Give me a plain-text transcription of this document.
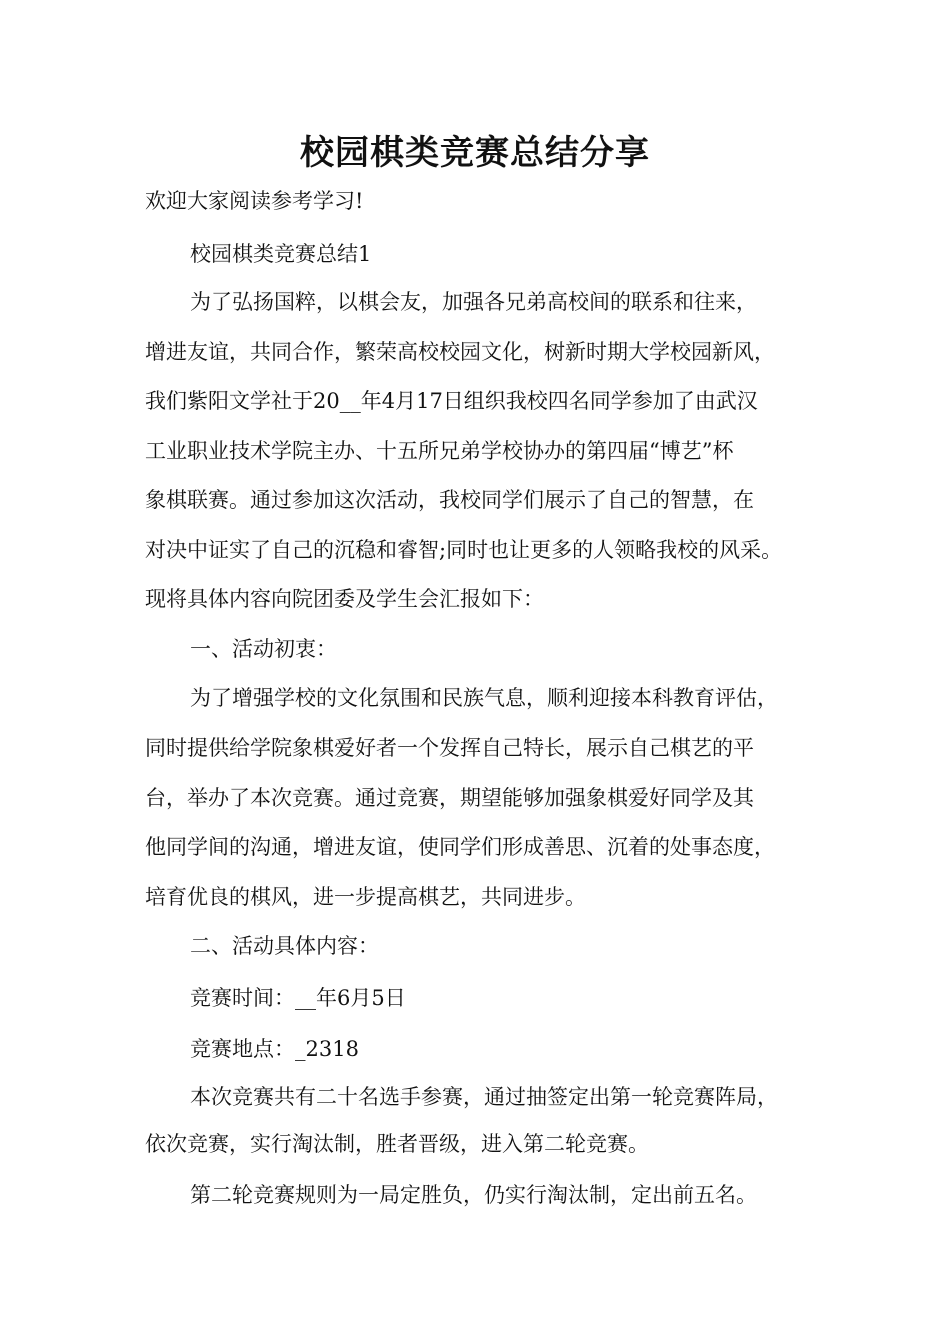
校园棋类竞赛总结分享

欢迎大家阅读参考学习!

校园棋类竞赛总结1

为了弘扬国粹，以棋会友，加强各兄弟高校间的联系和往来，

增进友谊，共同合作，繁荣高校校园文化，树新时期大学校园新风，

我们紫阳文学社于20__年4月17日组织我校四名同学参加了由武汉

工业职业技术学院主办、十五所兄弟学校协办的第四届“博艺”杯

象棋联赛。通过参加这次活动，我校同学们展示了自己的智慧，在

对决中证实了自己的沉稳和睿智;同时也让更多的人领略我校的风采。

现将具体内容向院团委及学生会汇报如下：

一、活动初衷：

为了增强学校的文化氛围和民族气息，顺利迎接本科教育评估，

同时提供给学院象棋爱好者一个发挥自己特长，展示自己棋艺的平

台，举办了本次竞赛。通过竞赛，期望能够加强象棋爱好同学及其

他同学间的沟通，增进友谊，使同学们形成善思、沉着的处事态度，

培育优良的棋风，进一步提高棋艺，共同进步。

二、活动具体内容：

竞赛时间：__年6月5日

竞赛地点：_2318

本次竞赛共有二十名选手参赛，通过抽签定出第一轮竞赛阵局，

依次竞赛，实行淘汰制，胜者晋级，进入第二轮竞赛。

第二轮竞赛规则为一局定胜负，仍实行淘汰制，定出前五名。
